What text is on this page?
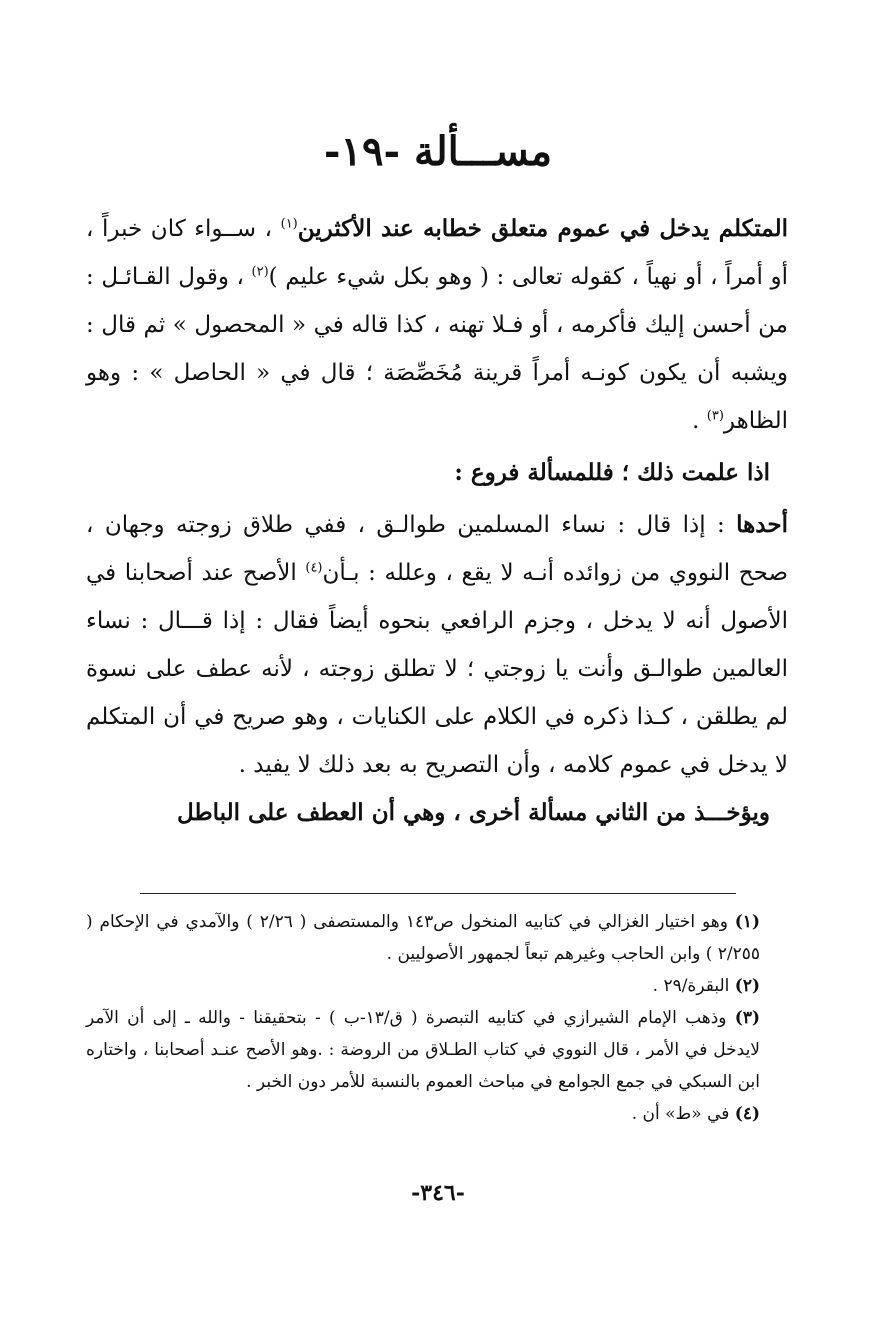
مســـألة -١٩-

المتكلم يدخل في عموم متعلق خطابه عند الأكثرين$^{(١)}$ ، ســواء كان خبراً ، أو أمراً ، أو نهياً ، كقوله تعالى : ( وهو بكل شيء عليم )$^{(٢)}$ ، وقول القـائـل : من أحسن إليك فأكرمه ، أو فـلا تهنه ، كذا قاله في « المحصول » ثم قال : ويشبه أن يكون كونـه أمراً قرينة مُخَصِّصَة ؛ قال في « الحاصل » : وهو الظاهر$^{(٣)}$ .

اذا علمت ذلك ؛ فللمسألة فروع :

أحدها : إذا قال : نساء المسلمين طوالـق ، ففي طلاق زوجته وجهان ، صحح النووي من زوائده أنـه لا يقع ، وعلله : بـأن$^{(٤)}$ الأصح عند أصحابنا في الأصول أنه لا يدخل ، وجزم الرافعي بنحوه أيضاً فقال : إذا قـــال : نساء العالمين طوالـق وأنت يا زوجتي ؛ لا تطلق زوجته ، لأنه عطف على نسوة لم يطلقن ، كـذا ذكره في الكلام على الكنايات ، وهو صريح في أن المتكلم لا يدخل في عموم كلامه ، وأن التصريح به بعد ذلك لا يفيد .

ويؤخـــذ من الثاني مسألة أخرى ، وهي أن العطف على الباطل

(١) وهو اختيار الغزالي في كتابيه المنخول ص١٤٣ والمستصفى ( ٢/٢٦ ) والآمدي في الإحكام ( ٢/٢٥٥ ) وابن الحاجب وغيرهم تبعاً لجمهور الأصوليين .

(٢) البقرة/٢٩ .

(٣) وذهب الإمام الشيرازي في كتابيه التبصرة ( ق/١٣-ب ) - بتحقيقنا - والله ـ إلى أن الآمر لايدخل في الأمر ، قال النووي في كتاب الطـلاق من الروضة : .وهو الأصح عنـد أصحابنا ، واختاره ابن السبكي في جمع الجوامع في مباحث العموم بالنسبة للأمر دون الخبر .

(٤) في «ط» أن .

-٣٤٦-
